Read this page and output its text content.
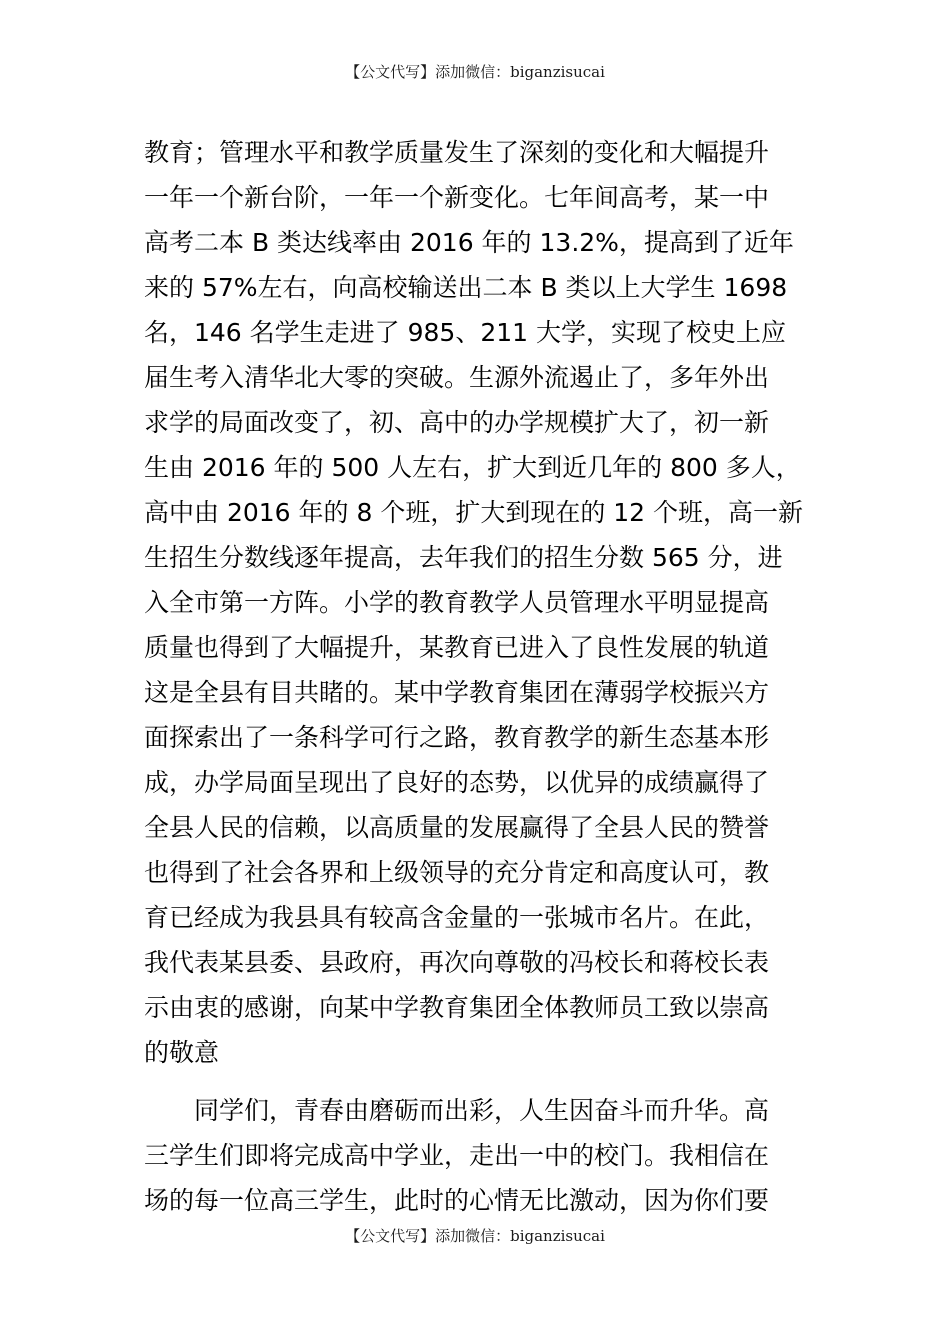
【公文代写】添加微信：biganzisucai
教育；管理水平和教学质量发生了深刻的变化和大幅提升
一年一个新台阶，一年一个新变化。七年间高考，某一中
高考二本 B 类达线率由 2016 年的 13.2%，提高到了近年
来的 57%左右，向高校输送出二本 B 类以上大学生 1698
名，146 名学生走进了 985、211 大学，实现了校史上应
届生考入清华北大零的突破。生源外流遏止了，多年外出
求学的局面改变了，初、高中的办学规模扩大了，初一新
生由 2016 年的 500 人左右，扩大到近几年的 800 多人，
高中由 2016 年的 8 个班，扩大到现在的 12 个班，高一新
生招生分数线逐年提高，去年我们的招生分数 565 分，进
入全市第一方阵。小学的教育教学人员管理水平明显提高
质量也得到了大幅提升，某教育已进入了良性发展的轨道
这是全县有目共睹的。某中学教育集团在薄弱学校振兴方
面探索出了一条科学可行之路，教育教学的新生态基本形
成，办学局面呈现出了良好的态势，以优异的成绩赢得了
全县人民的信赖，以高质量的发展赢得了全县人民的赞誉
也得到了社会各界和上级领导的充分肯定和高度认可，教
育已经成为我县具有较高含金量的一张城市名片。在此，
我代表某县委、县政府，再次向尊敬的冯校长和蒋校长表
示由衷的感谢，向某中学教育集团全体教师员工致以崇高
的敬意
同学们，青春由磨砺而出彩，人生因奋斗而升华。高
三学生们即将完成高中学业，走出一中的校门。我相信在
场的每一位高三学生，此时的心情无比激动，因为你们要
【公文代写】添加微信：biganzisucai
